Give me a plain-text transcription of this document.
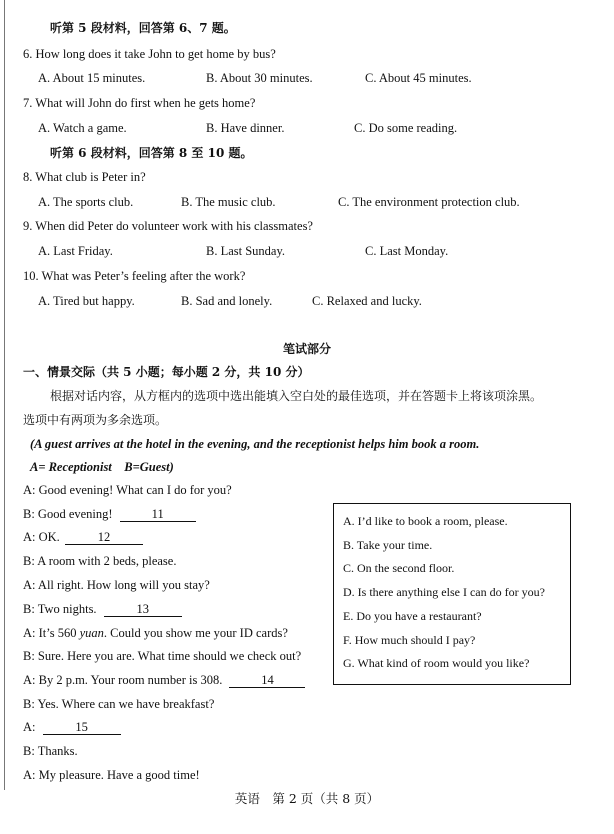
听第 5 段材料，回答第 6、7 题。
6. How long does it take John to get home by bus?
A. About 15 minutes.	B. About 30 minutes.	C. About 45 minutes.
7. What will John do first when he gets home?
A. Watch a game.	B. Have dinner.	C. Do some reading.
听第 6 段材料，回答第 8 至 10 题。
8. What club is Peter in?
A. The sports club.	B. The music club.	C. The environment protection club.
9. When did Peter do volunteer work with his classmates?
A. Last Friday.	B. Last Sunday.	C. Last Monday.
10. What was Peter’s feeling after the work?
A. Tired but happy.	B. Sad and lonely.	C. Relaxed and lucky.
笔试部分
一、情景交际（共 5 小题；每小题 2 分，共 10 分）
根据对话内容，从方框内的选项中选出能填入空白处的最佳选项，并在答题卡上将该项涂黑。
选项中有两项为多余选项。
(A guest arrives at the hotel in the evening, and the receptionist helps him book a room.
A= Receptionist    B=Guest)
A: Good evening! What can I do for you?
B: Good evening!	11
A: OK.	12
B: A room with 2 beds, please.
A: All right. How long will you stay?
B: Two nights.	13
A: It’s 560 yuan. Could you show me your ID cards?
B: Sure. Here you are. What time should we check out?
A: By 2 p.m. Your room number is 308.	14
B: Yes. Where can we have breakfast?
A:	15
B: Thanks.
A: My pleasure. Have a good time!
A. I’d like to book a room, please.
B. Take your time.
C. On the second floor.
D. Is there anything else I can do for you?
E. Do you have a restaurant?
F. How much should I pay?
G. What kind of room would you like?
英语　第 2 页（共 8 页）
